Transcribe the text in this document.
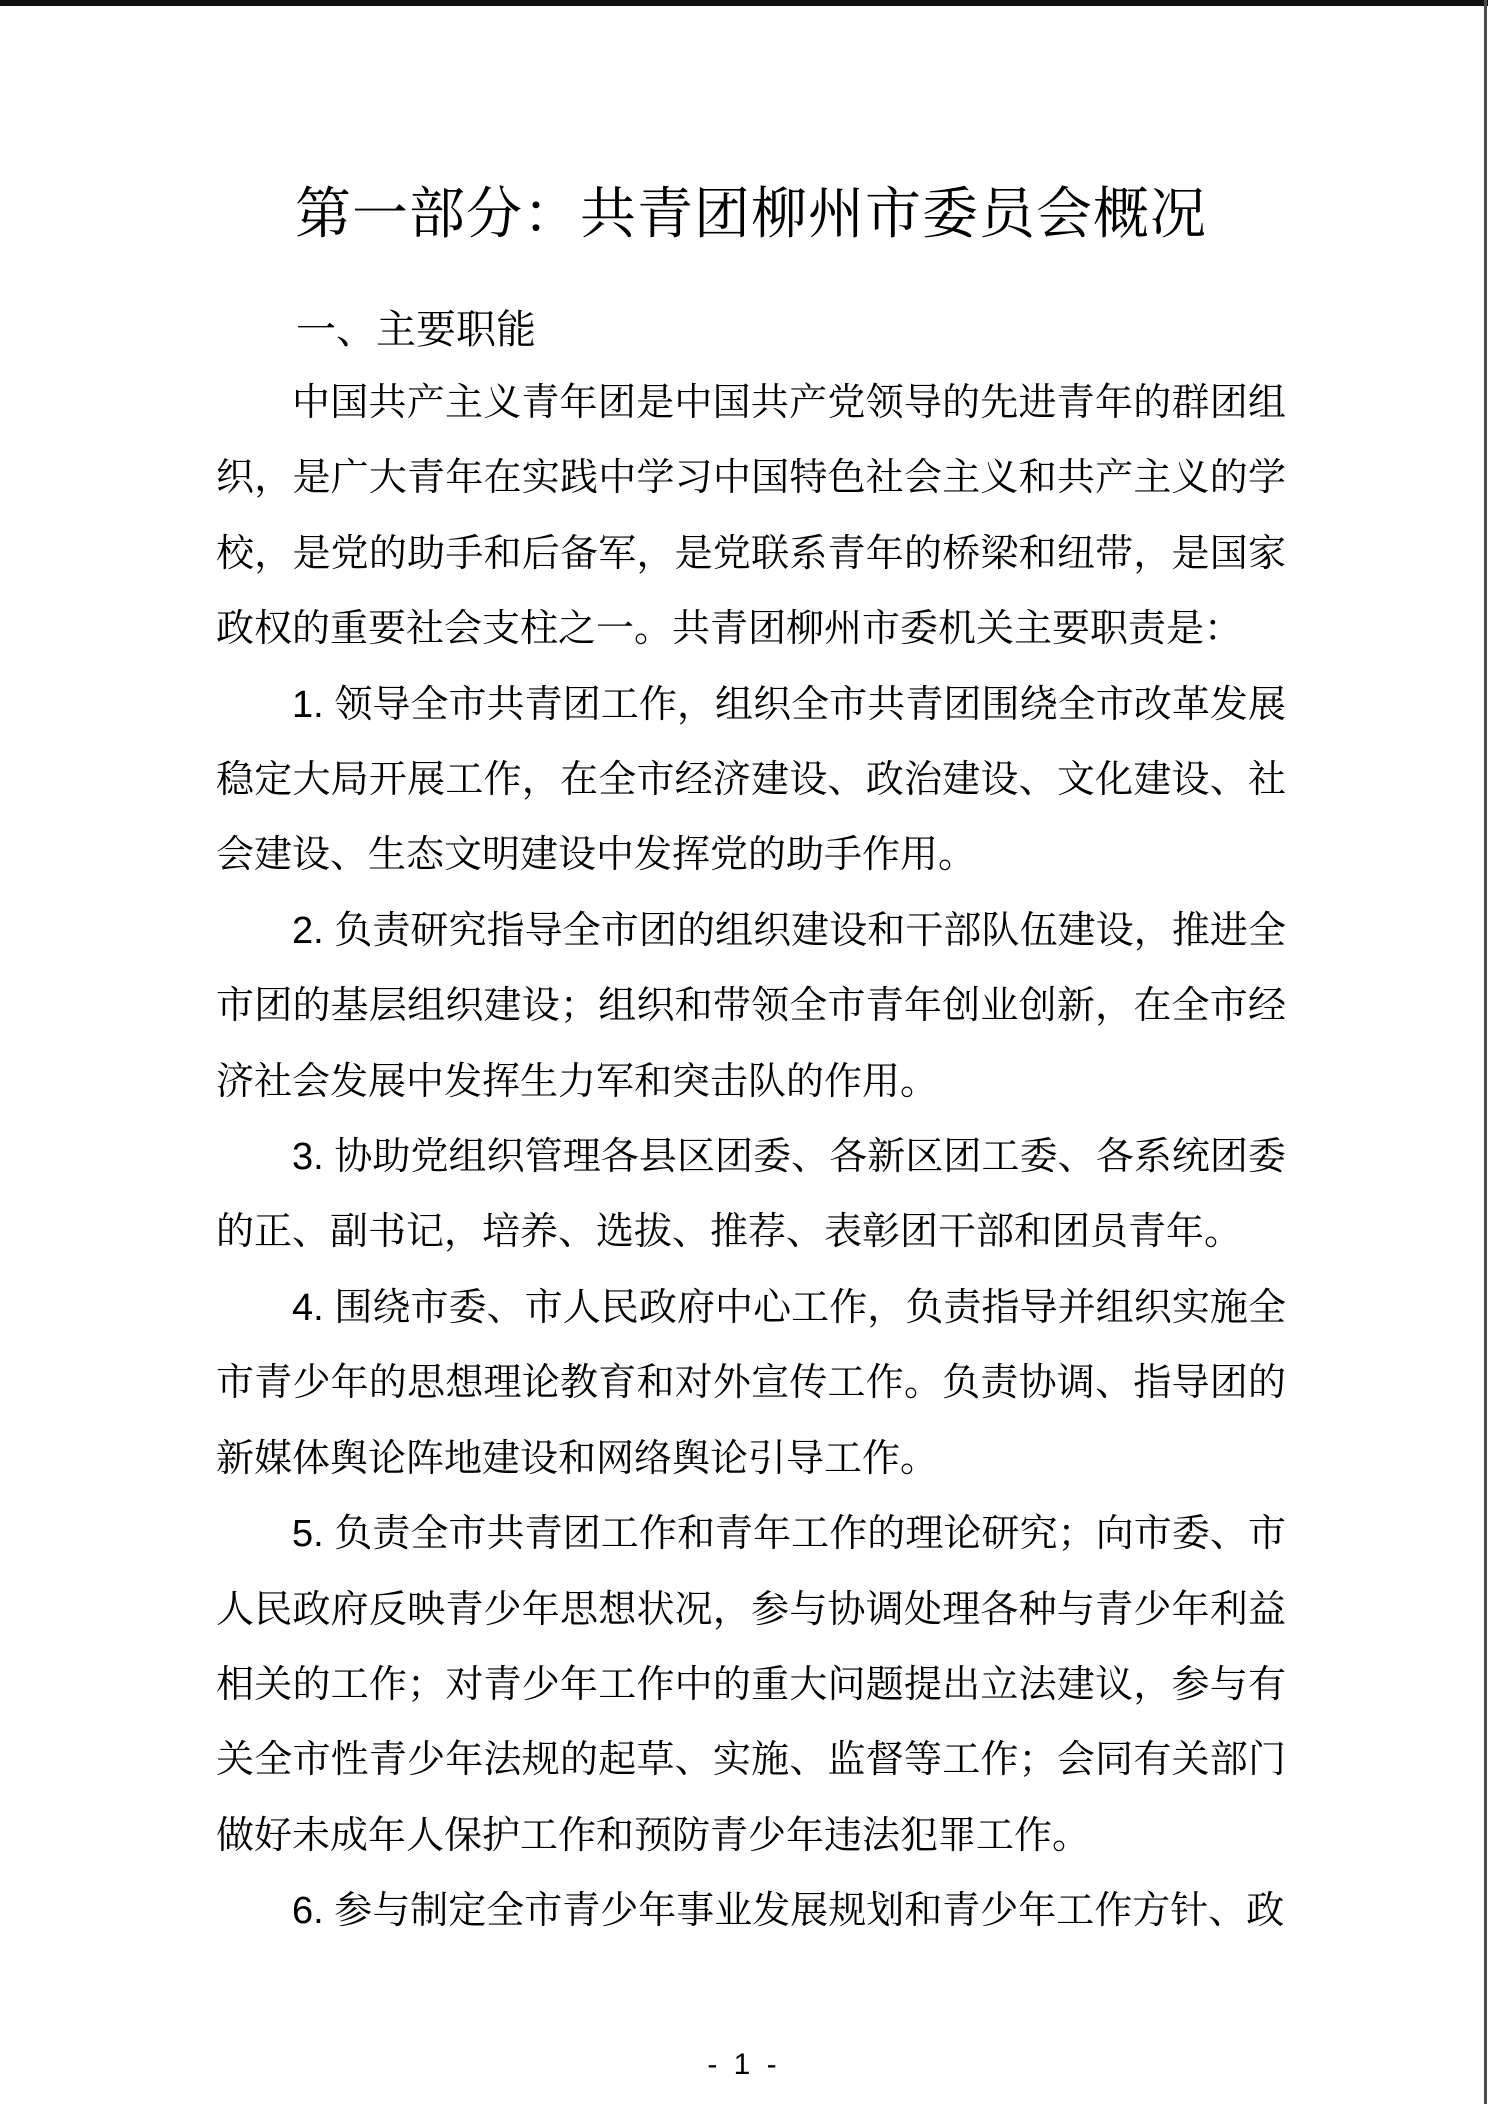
第一部分：共青团柳州市委员会概况
一、主要职能

中国共产主义青年团是中国共产党领导的先进青年的群团组织，是广大青年在实践中学习中国特色社会主义和共产主义的学校，是党的助手和后备军，是党联系青年的桥梁和纽带，是国家政权的重要社会支柱之一。共青团柳州市委机关主要职责是：

1. 领导全市共青团工作，组织全市共青团围绕全市改革发展稳定大局开展工作，在全市经济建设、政治建设、文化建设、社会建设、生态文明建设中发挥党的助手作用。

2. 负责研究指导全市团的组织建设和干部队伍建设，推进全市团的基层组织建设；组织和带领全市青年创业创新，在全市经济社会发展中发挥生力军和突击队的作用。

3. 协助党组织管理各县区团委、各新区团工委、各系统团委的正、副书记，培养、选拔、推荐、表彰团干部和团员青年。

4. 围绕市委、市人民政府中心工作，负责指导并组织实施全市青少年的思想理论教育和对外宣传工作。负责协调、指导团的新媒体舆论阵地建设和网络舆论引导工作。

5. 负责全市共青团工作和青年工作的理论研究；向市委、市人民政府反映青少年思想状况，参与协调处理各种与青少年利益相关的工作；对青少年工作中的重大问题提出立法建议，参与有关全市性青少年法规的起草、实施、监督等工作；会同有关部门做好未成年人保护工作和预防青少年违法犯罪工作。

6. 参与制定全市青少年事业发展规划和青少年工作方针、政

- 1 -
